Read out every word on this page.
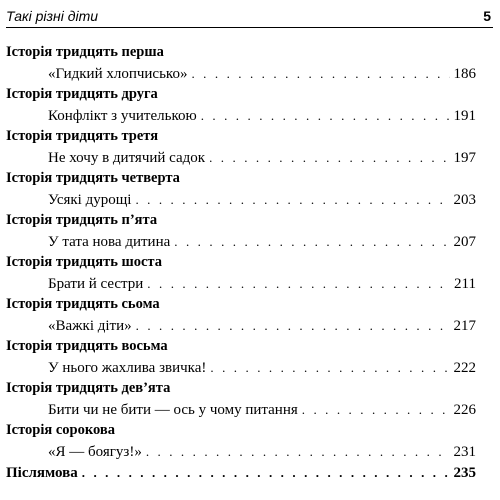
Такі різні діти	5
Історія тридцять перша
«Гидкий хлопчисько» . . .	186
Історія тридцять друга
Конфлікт з учителькою . . .	191
Історія тридцять третя
Не хочу в дитячий садок . . .	197
Історія тридцять четверта
Усякі дурощі . . .	203
Історія тридцять п’ята
У тата нова дитина . . .	207
Історія тридцять шоста
Брати й сестри . . .	211
Історія тридцять сьома
«Важкі діти» . . .	217
Історія тридцять восьма
У нього жахлива звичка! . . .	222
Історія тридцять дев’ята
Бити чи не бити — ось у чому питання . . .	226
Історія сорокова
«Я — боягуз!» . . .	231
Післямова . . .	235
